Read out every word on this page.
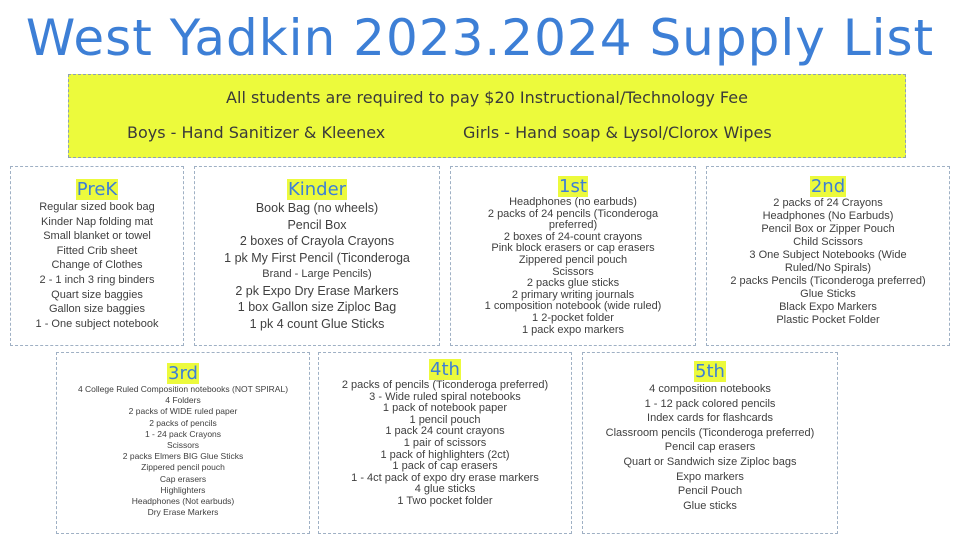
West Yadkin 2023.2024 Supply List
All students are required to pay $20 Instructional/Technology Fee
Boys - Hand Sanitizer & Kleenex	Girls - Hand soap & Lysol/Clorox Wipes
PreK
Regular sized book bag
Kinder Nap folding mat
Small blanket or towel
Fitted Crib sheet
Change of Clothes
2 - 1 inch 3 ring binders
Quart size baggies
Gallon size baggies
1 - One subject notebook
Kinder
Book Bag (no wheels)
Pencil Box
2 boxes of Crayola Crayons
1 pk My First Pencil (Ticonderoga
Brand - Large Pencils)
2 pk Expo Dry Erase Markers
1 box Gallon size Ziploc Bag
1 pk 4 count Glue Sticks
1st
Headphones (no earbuds)
2 packs of 24 pencils (Ticonderoga
preferred)
2 boxes of 24-count crayons
Pink block erasers or cap erasers
Zippered pencil pouch
Scissors
2 packs glue sticks
2 primary writing journals
1 composition notebook (wide ruled)
1 2-pocket folder
1 pack expo markers
2nd
2 packs of 24 Crayons
Headphones (No Earbuds)
Pencil Box or Zipper Pouch
Child Scissors
3 One Subject Notebooks (Wide
Ruled/No Spirals)
2 packs Pencils (Ticonderoga preferred)
Glue Sticks
Black Expo Markers
Plastic Pocket Folder
3rd
4 College Ruled Composition notebooks (NOT SPIRAL)
4 Folders
2 packs of WIDE ruled paper
2 packs of pencils
1 - 24 pack Crayons
Scissors
2 packs Elmers BIG Glue Sticks
Zippered pencil pouch
Cap erasers
Highlighters
Headphones (Not earbuds)
Dry Erase Markers
4th
2 packs of pencils (Ticonderoga preferred)
3 - Wide ruled spiral notebooks
1 pack of notebook paper
1 pencil pouch
1 pack 24 count crayons
1 pair of scissors
1 pack of highlighters (2ct)
1 pack of cap erasers
1 - 4ct pack of expo dry erase markers
4 glue sticks
1 Two pocket folder
5th
4 composition notebooks
1 - 12 pack colored pencils
Index cards for flashcards
Classroom pencils (Ticonderoga preferred)
Pencil cap erasers
Quart or Sandwich size Ziploc bags
Expo markers
Pencil Pouch
Glue sticks
